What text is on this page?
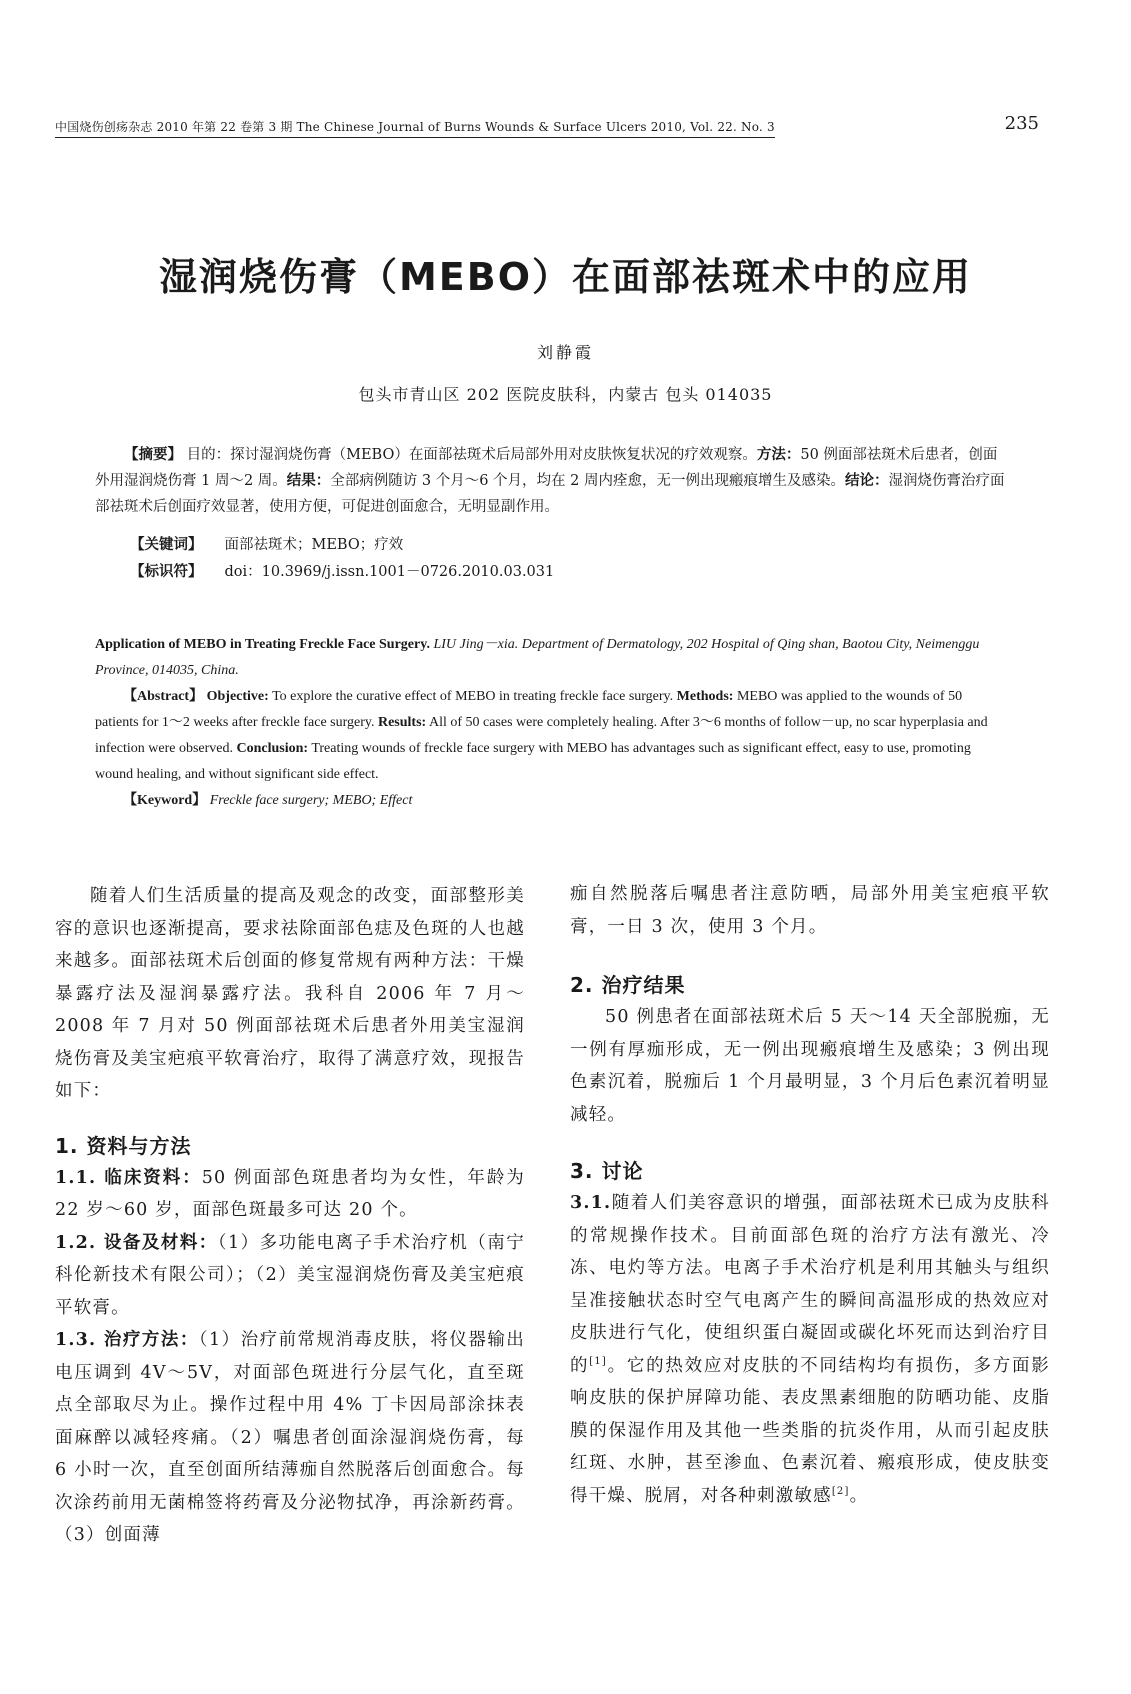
中国烧伤创疡杂志 2010 年第 22 卷第 3 期 The Chinese Journal of Burns Wounds & Surface Ulcers 2010, Vol. 22. No. 3	235
湿润烧伤膏（MEBO）在面部祛斑术中的应用
刘静霞
包头市青山区 202 医院皮肤科，内蒙古 包头 014035

【摘要】 目的：探讨湿润烧伤膏（MEBO）在面部祛斑术后局部外用对皮肤恢复状况的疗效观察。方法：50 例面部祛斑术后患者，创面外用湿润烧伤膏 1 周～2 周。结果：全部病例随访 3 个月～6 个月，均在 2 周内痊愈，无一例出现瘢痕增生及感染。结论：湿润烧伤膏治疗面部祛斑术后创面疗效显著，使用方便，可促进创面愈合，无明显副作用。

【关键词】 面部祛斑术；MEBO；疗效
【标识符】 doi：10.3969/j.issn.1001－0726.2010.03.031

Application of MEBO in Treating Freckle Face Surgery. LIU Jing－xia. Department of Dermatology, 202 Hospital of Qing shan, Baotou City, Neimenggu Province, 014035, China.

【Abstract】 Objective: To explore the curative effect of MEBO in treating freckle face surgery. Methods: MEBO was applied to the wounds of 50 patients for 1～2 weeks after freckle face surgery. Results: All of 50 cases were completely healing. After 3～6 months of follow－up, no scar hyperplasia and infection were observed. Conclusion: Treating wounds of freckle face surgery with MEBO has advantages such as significant effect, easy to use, promoting wound healing, and without significant side effect.

【Keyword】 Freckle face surgery; MEBO; Effect

随着人们生活质量的提高及观念的改变，面部整形美容的意识也逐渐提高，要求祛除面部色痣及色斑的人也越来越多。面部祛斑术后创面的修复常规有两种方法：干燥暴露疗法及湿润暴露疗法。我科自 2006 年 7 月～2008 年 7 月对 50 例面部祛斑术后患者外用美宝湿润烧伤膏及美宝疤痕平软膏治疗，取得了满意疗效，现报告如下：

1. 资料与方法

1.1. 临床资料：50 例面部色斑患者均为女性，年龄为 22 岁～60 岁，面部色斑最多可达 20 个。

1.2. 设备及材料：（1）多功能电离子手术治疗机（南宁科伦新技术有限公司）；（2）美宝湿润烧伤膏及美宝疤痕平软膏。

1.3. 治疗方法：（1）治疗前常规消毒皮肤，将仪器输出电压调到 4V～5V，对面部色斑进行分层气化，直至斑点全部取尽为止。操作过程中用 4% 丁卡因局部涂抹表面麻醉以减轻疼痛。（2）嘱患者创面涂湿润烧伤膏，每 6 小时一次，直至创面所结薄痂自然脱落后创面愈合。每次涂药前用无菌棉签将药膏及分泌物拭净，再涂新药膏。（3）创面薄

痂自然脱落后嘱患者注意防晒，局部外用美宝疤痕平软膏，一日 3 次，使用 3 个月。

2. 治疗结果

50 例患者在面部祛斑术后 5 天～14 天全部脱痂，无一例有厚痂形成，无一例出现瘢痕增生及感染；3 例出现色素沉着，脱痂后 1 个月最明显，3 个月后色素沉着明显减轻。

3. 讨论

3.1.随着人们美容意识的增强，面部祛斑术已成为皮肤科的常规操作技术。目前面部色斑的治疗方法有激光、冷冻、电灼等方法。电离子手术治疗机是利用其触头与组织呈准接触状态时空气电离产生的瞬间高温形成的热效应对皮肤进行气化，使组织蛋白凝固或碳化坏死而达到治疗目的[1]。它的热效应对皮肤的不同结构均有损伤，多方面影响皮肤的保护屏障功能、表皮黑素细胞的防晒功能、皮脂膜的保湿作用及其他一些类脂的抗炎作用，从而引起皮肤红斑、水肿，甚至渗血、色素沉着、瘢痕形成，使皮肤变得干燥、脱屑，对各种刺激敏感[2]。
